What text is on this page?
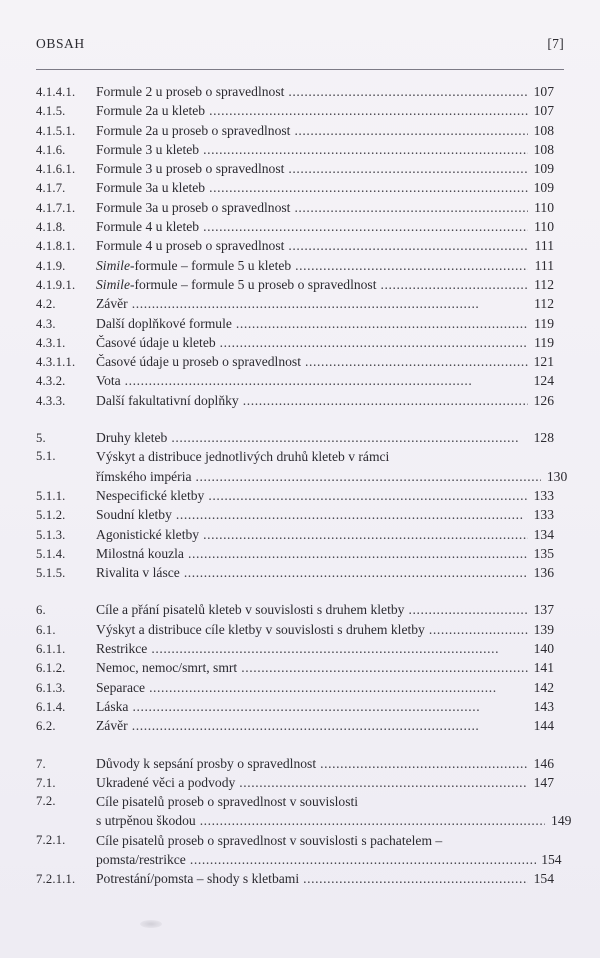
OBSAH	[7]
4.1.4.1.	Formule 2 u proseb o spravedlnost . . .	107
4.1.5.	Formule 2a u kleteb . . .	107
4.1.5.1.	Formule 2a u proseb o spravedlnost . . .	108
4.1.6.	Formule 3 u kleteb . . .	108
4.1.6.1.	Formule 3 u proseb o spravedlnost . . .	109
4.1.7.	Formule 3a u kleteb . . .	109
4.1.7.1.	Formule 3a u proseb o spravedlnost . . .	110
4.1.8.	Formule 4 u kleteb . . .	110
4.1.8.1.	Formule 4 u proseb o spravedlnost . . .	111
4.1.9.	Simile-formule – formule 5 u kleteb . . .	111
4.1.9.1.	Simile-formule – formule 5 u proseb o spravedlnost . . .	112
4.2.	Závěr . . .	112
4.3.	Další doplňkové formule . . .	119
4.3.1.	Časové údaje u kleteb . . .	119
4.3.1.1.	Časové údaje u proseb o spravedlnost . . .	121
4.3.2.	Vota . . .	124
4.3.3.	Další fakultativní doplňky . . .	126
5.	Druhy kleteb . . .	128
5.1.	Výskyt a distribuce jednotlivých druhů kleteb v rámci
římského impéria . . .	130
5.1.1.	Nespecifické kletby . . .	133
5.1.2.	Soudní kletby . . .	133
5.1.3.	Agonistické kletby . . .	134
5.1.4.	Milostná kouzla . . .	135
5.1.5.	Rivalita v lásce . . .	136
6.	Cíle a přání pisatelů kleteb v souvislosti s druhem kletby . . .	137
6.1.	Výskyt a distribuce cíle kletby v souvislosti s druhem kletby . . .	139
6.1.1.	Restrikce . . .	140
6.1.2.	Nemoc, nemoc/smrt, smrt . . .	141
6.1.3.	Separace . . .	142
6.1.4.	Láska . . .	143
6.2.	Závěr . . .	144
7.	Důvody k sepsání prosby o spravedlnost . . .	146
7.1.	Ukradené věci a podvody . . .	147
7.2.	Cíle pisatelů proseb o spravedlnost v souvislosti
s utrpěnou škodou . . .	149
7.2.1.	Cíle pisatelů proseb o spravedlnost v souvislosti s pachatelem –
pomsta/restrikce . . .	154
7.2.1.1.	Potrestání/pomsta – shody s kletbami . . .	154
